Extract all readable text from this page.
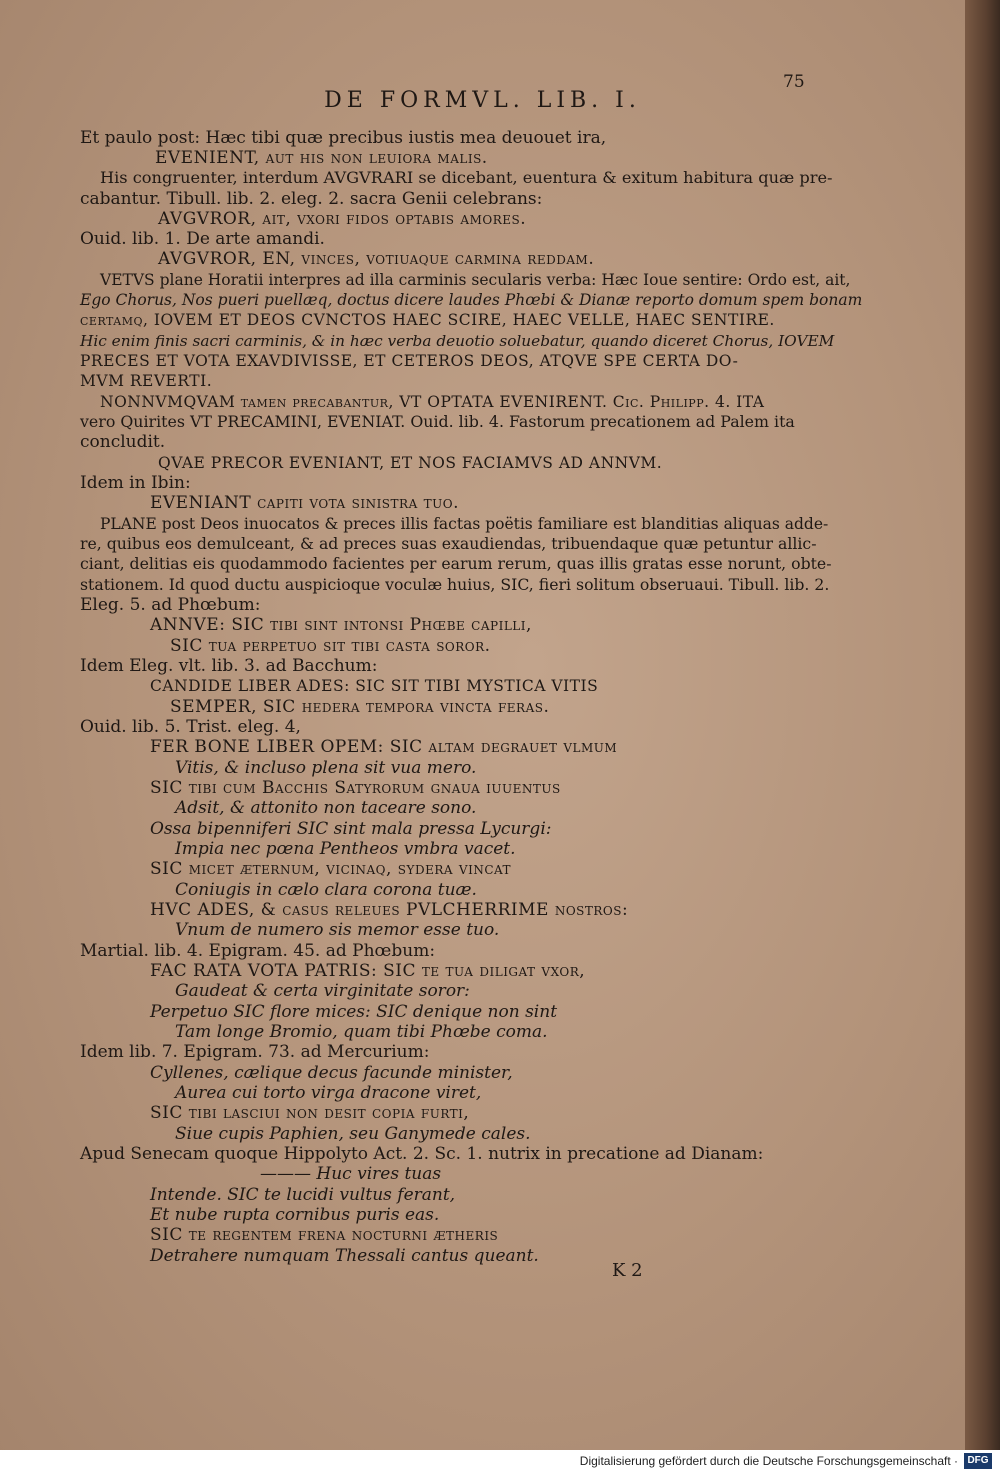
75
DE FORMVL. LIB. I.
Et paulo post: Hæc tibi quæ precibus iustis mea deuouet ira,
EVENIENT, aut his non leuiora malis.
His congruenter, interdum AVGVRARI se dicebant, euentura & exitum habitura quæ pre-
cabantur. Tibull. lib. 2. eleg. 2. sacra Genii celebrans:
AVGVROR, ait, vxori fidos optabis amores.
Ouid. lib. 1. De arte amandi.
AVGVROR, EN, vinces, votiuaque carmina reddam.
VETVS plane Horatii interpres ad illa carminis secularis verba: Hæc Ioue sentire: Ordo est, ait,
Ego Chorus, Nos pueri puellæq, doctus dicere laudes Phœbi & Dianæ reporto domum spem bonam
certamq, IOVEM ET DEOS CVNCTOS HAEC SCIRE, HAEC VELLE, HAEC SENTIRE.
Hic enim finis sacri carminis, & in hæc verba deuotio soluebatur, quando diceret Chorus, IOVEM
PRECES ET VOTA EXAVDIVISSE, ET CETEROS DEOS, ATQVE SPE CERTA DO-
MVM REVERTI.
NONNVMQVAM tamen precabantur, VT OPTATA EVENIRENT. Cic. Philipp. 4. ITA
vero Quirites VT PRECAMINI, EVENIAT. Ouid. lib. 4. Fastorum precationem ad Palem ita
concludit.
QVAE PRECOR EVENIANT, ET NOS FACIAMVS AD ANNVM.
Idem in Ibin:
EVENIANT capiti vota sinistra tuo.
PLANE post Deos inuocatos & preces illis factas poëtis familiare est blanditias aliquas adde-
re, quibus eos demulceant, & ad preces suas exaudiendas, tribuendaque quæ petuntur allic-
ciant, delitias eis quodammodo facientes per earum rerum, quas illis gratas esse norunt, obte-
stationem. Id quod ductu auspicioque voculæ huius, SIC, fieri solitum obseruaui. Tibull. lib. 2.
Eleg. 5. ad Phœbum:
ANNVE: SIC tibi sint intonsi Phœbe capilli,
SIC tua perpetuo sit tibi casta soror.
Idem Eleg. vlt. lib. 3. ad Bacchum:
CANDIDE LIBER ADES: SIC SIT TIBI MYSTICA VITIS
SEMPER, SIC hedera tempora vincta feras.
Ouid. lib. 5. Trist. eleg. 4,
FER BONE LIBER OPEM: SIC altam degrauet vlmum
Vitis, & incluso plena sit vua mero.
SIC tibi cum Bacchis Satyrorum gnaua iuuentus
Adsit, & attonito non taceare sono.
Ossa bipenniferi SIC sint mala pressa Lycurgi:
Impia nec pœna Pentheos vmbra vacet.
SIC micet æternum, vicinaq, sydera vincat
Coniugis in cælo clara corona tuæ.
HVC ADES, & casus releues PVLCHERRIME nostros:
Vnum de numero sis memor esse tuo.
Martial. lib. 4. Epigram. 45. ad Phœbum:
FAC RATA VOTA PATRIS: SIC te tua diligat vxor,
Gaudeat & certa virginitate soror:
Perpetuo SIC flore mices: SIC denique non sint
Tam longe Bromio, quam tibi Phœbe coma.
Idem lib. 7. Epigram. 73. ad Mercurium:
Cyllenes, cælique decus facunde minister,
Aurea cui torto virga dracone viret,
SIC tibi lasciui non desit copia furti,
Siue cupis Paphien, seu Ganymede cales.
Apud Senecam quoque Hippolyto Act. 2. Sc. 1. nutrix in precatione ad Dianam:
——— Huc vires tuas
Intende. SIC te lucidi vultus ferant,
Et nube rupta cornibus puris eas.
SIC te regentem frena nocturni ætheris
Detrahere numquam Thessali cantus queant.
K 2
Digitalisierung gefördert durch die Deutsche Forschungsgemeinschaft · DFG
